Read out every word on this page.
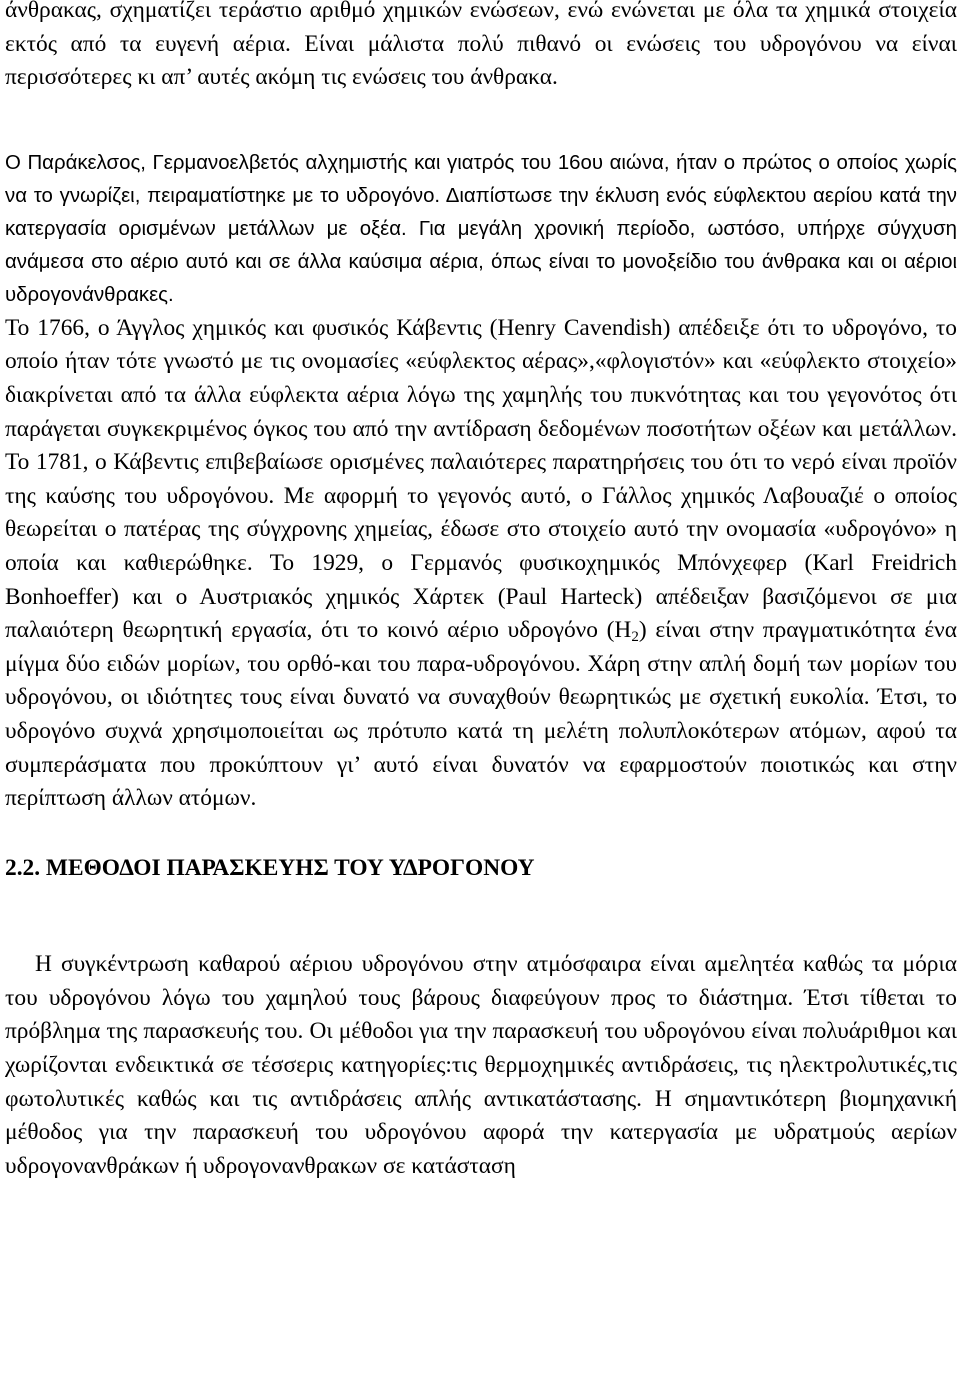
άνθρακας, σχηματίζει τεράστιο αριθμό χημικών ενώσεων, ενώ ενώνεται με όλα τα χημικά στοιχεία εκτός από τα ευγενή αέρια. Είναι μάλιστα πολύ πιθανό οι ενώσεις του υδρογόνου να είναι περισσότερες κι απ’ αυτές ακόμη τις ενώσεις του άνθρακα.

Ο Παράκελσος, Γερμανοελβετός αλχημιστής και γιατρός του 16ου αιώνα, ήταν ο πρώτος ο οποίος χωρίς να το γνωρίζει, πειραματίστηκε με το υδρογόνο. Διαπίστωσε την έκλυση ενός εύφλεκτου αερίου κατά την κατεργασία ορισμένων μετάλλων με οξέα. Για μεγάλη χρονική περίοδο, ωστόσο, υπήρχε σύγχυση ανάμεσα στο αέριο αυτό και σε άλλα καύσιμα αέρια, όπως είναι το μονοξείδιο του άνθρακα και οι αέριοι υδρογονάνθρακες.

Το 1766, ο Άγγλος χημικός και φυσικός Κάβεντις (Henry Cavendish) απέδειξε ότι το υδρογόνο, το οποίο ήταν τότε γνωστό με τις ονομασίες «εύφλεκτος αέρας»,«φλογιστόν» και «εύφλεκτο στοιχείο» διακρίνεται από τα άλλα εύφλεκτα αέρια λόγω της χαμηλής του πυκνότητας και του γεγονότος ότι παράγεται συγκεκριμένος όγκος του από την αντίδραση δεδομένων ποσοτήτων οξέων και μετάλλων. Το 1781, ο Κάβεντις επιβεβαίωσε ορισμένες παλαιότερες παρατηρήσεις του ότι το νερό είναι προϊόν της καύσης του υδρογόνου. Με αφορμή το γεγονός αυτό, ο Γάλλος χημικός Λαβουαζιέ ο οποίος θεωρείται ο πατέρας της σύγχρονης χημείας, έδωσε στο στοιχείο αυτό την ονομασία «υδρογόνο» η οποία και καθιερώθηκε. Το 1929, ο Γερμανός φυσικοχημικός Μπόνχεφερ (Karl Freidrich Bonhoeffer) και ο Αυστριακός χημικός Χάρτεκ (Paul Harteck) απέδειξαν βασιζόμενοι σε μια παλαιότερη θεωρητική εργασία, ότι το κοινό αέριο υδρογόνο $(H_2)$ είναι στην πραγματικότητα ένα μίγμα δύο ειδών μορίων, του ορθό-και του παρα-υδρογόνου. Χάρη στην απλή δομή των μορίων του υδρογόνου, οι ιδιότητες τους είναι δυνατό να συναχθούν θεωρητικώς με σχετική ευκολία. Έτσι, το υδρογόνο συχνά χρησιμοποιείται ως πρότυπο κατά τη μελέτη πολυπλοκότερων ατόμων, αφού τα συμπεράσματα που προκύπτουν γι’ αυτό είναι δυνατόν να εφαρμοστούν ποιοτικώς και στην περίπτωση άλλων ατόμων.

2.2. ΜΕΘΟΔΟΙ ΠΑΡΑΣΚΕΥΗΣ ΤΟΥ ΥΔΡΟΓΟΝΟΥ

Η συγκέντρωση καθαρού αέριου υδρογόνου στην ατμόσφαιρα είναι αμελητέα καθώς τα μόρια του υδρογόνου λόγω του χαμηλού τους βάρους διαφεύγουν προς το διάστημα. Έτσι τίθεται το πρόβλημα της παρασκευής του. Οι μέθοδοι για την παρασκευή του υδρογόνου είναι πολυάριθμοι και χωρίζονται ενδεικτικά σε τέσσερις κατηγορίες:τις θερμοχημικές αντιδράσεις, τις ηλεκτρολυτικές,τις φωτολυτικές καθώς και τις αντιδράσεις απλής αντικατάστασης. Η σημαντικότερη βιομηχανική μέθοδος για την παρασκευή του υδρογόνου αφορά την κατεργασία με υδρατμούς αερίων υδρογονανθράκων ή υδρογονανθρακων σε κατάσταση
